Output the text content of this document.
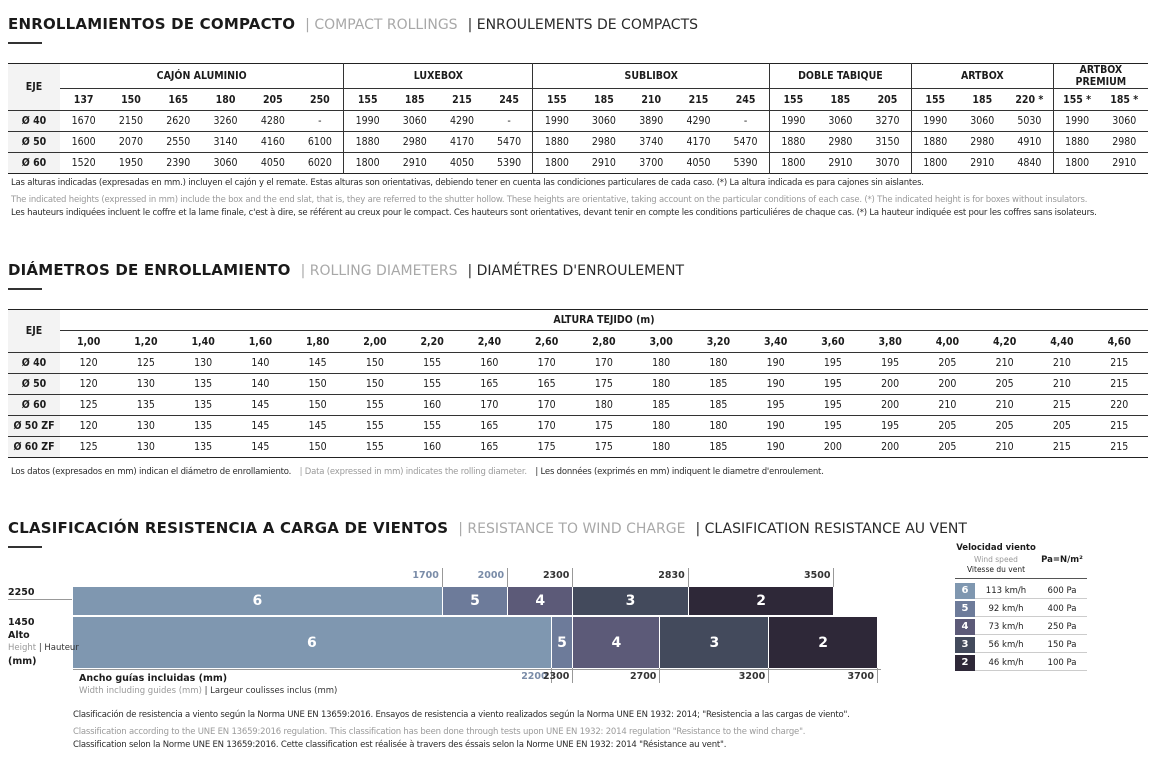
ENROLLAMIENTOS DE COMPACTO | COMPACT ROLLINGS | ENROULEMENTS DE COMPACTS
EJE	CAJÓN ALUMINIO						LUXEBOX				SUBLIBOX					DOBLE TABIQUE			ARTBOX			ARTBOX PREMIUM	
	137	150	165	180	205	250	155	185	215	245	155	185	210	215	245	155	185	205	155	185	220 *	155 *	185 *
Ø 40	1670	2150	2620	3260	4280	-	1990	3060	4290	-	1990	3060	3890	4290	-	1990	3060	3270	1990	3060	5030	1990	3060
Ø 50	1600	2070	2550	3140	4160	6100	1880	2980	4170	5470	1880	2980	3740	4170	5470	1880	2980	3150	1880	2980	4910	1880	2980
Ø 60	1520	1950	2390	3060	4050	6020	1800	2910	4050	5390	1800	2910	3700	4050	5390	1800	2910	3070	1800	2910	4840	1800	2910
Las alturas indicadas (expresadas en mm.) incluyen el cajón y el remate. Estas alturas son orientativas, debiendo tener en cuenta las condiciones particulares de cada caso. (*) La altura indicada es para cajones sin aislantes.
The indicated heights (expressed in mm) include the box and the end slat, that is, they are referred to the shutter hollow. These heights are orientative, taking account on the particular conditions of each case. (*) The indicated height is for boxes without insulators.
Les hauteurs indiquées incluent le coffre et la lame finale, c'est à dire, se référent au creux pour le compact. Ces hauteurs sont orientatives, devant tenir en compte les conditions particuliéres de chaque cas. (*) La hauteur indiquée est pour les coffres sans isolateurs.
DIÁMETROS DE ENROLLAMIENTO | ROLLING DIAMETERS | DIAMÉTRES D'ENROULEMENT
EJE	ALTURA TEJIDO (m)																		
	1,00	1,20	1,40	1,60	1,80	2,00	2,20	2,40	2,60	2,80	3,00	3,20	3,40	3,60	3,80	4,00	4,20	4,40	4,60
Ø 40	120	125	130	140	145	150	155	160	170	170	180	180	190	195	195	205	210	210	215
Ø 50	120	130	135	140	150	150	155	165	165	175	180	185	190	195	200	200	205	210	215
Ø 60	125	135	135	145	150	155	160	170	170	180	185	185	195	195	200	210	210	215	220
Ø 50 ZF	120	130	135	145	145	155	155	165	170	175	180	180	190	195	195	205	205	205	215
Ø 60 ZF	125	130	135	145	150	155	160	165	175	175	180	185	190	200	200	205	210	215	215
Los datos (expresados en mm) indican el diámetro de enrollamiento. | Data (expressed in mm) indicates the rolling diameter. | Les données (exprimés en mm) indiquent le diametre d'enroulement.
CLASIFICACIÓN RESISTENCIA A CARGA DE VIENTOS | RESISTANCE TO WIND CHARGE | CLASIFICATION RESISTANCE AU VENT
6	5	4	3	2
6	5	4	3	2
1700	2000	2300	2830	3500
2200
2300	2700	3200	3700
2250
1450
Alto
Height | Hauteur
(mm)
Ancho guías incluidas (mm)
Width including guides (mm) | Largeur coulisses inclus (mm)
Velocidad viento
Wind speed
Vitesse du vent
Pa=N/m²
6	113 km/h	600 Pa
5	92 km/h	400 Pa
4	73 km/h	250 Pa
3	56 km/h	150 Pa
2	46 km/h	100 Pa
Clasificación de resistencia a viento según la Norma UNE EN 13659:2016. Ensayos de resistencia a viento realizados según la Norma UNE EN 1932: 2014; "Resistencia a las cargas de viento".
Classification according to the UNE EN 13659:2016 regulation. This classification has been done through tests upon UNE EN 1932: 2014 regulation "Resistance to the wind charge".
Classification selon la Norme UNE EN 13659:2016. Cette classification est réalisée à travers des éssais selon la Norme UNE EN 1932: 2014 "Résistance au vent".
